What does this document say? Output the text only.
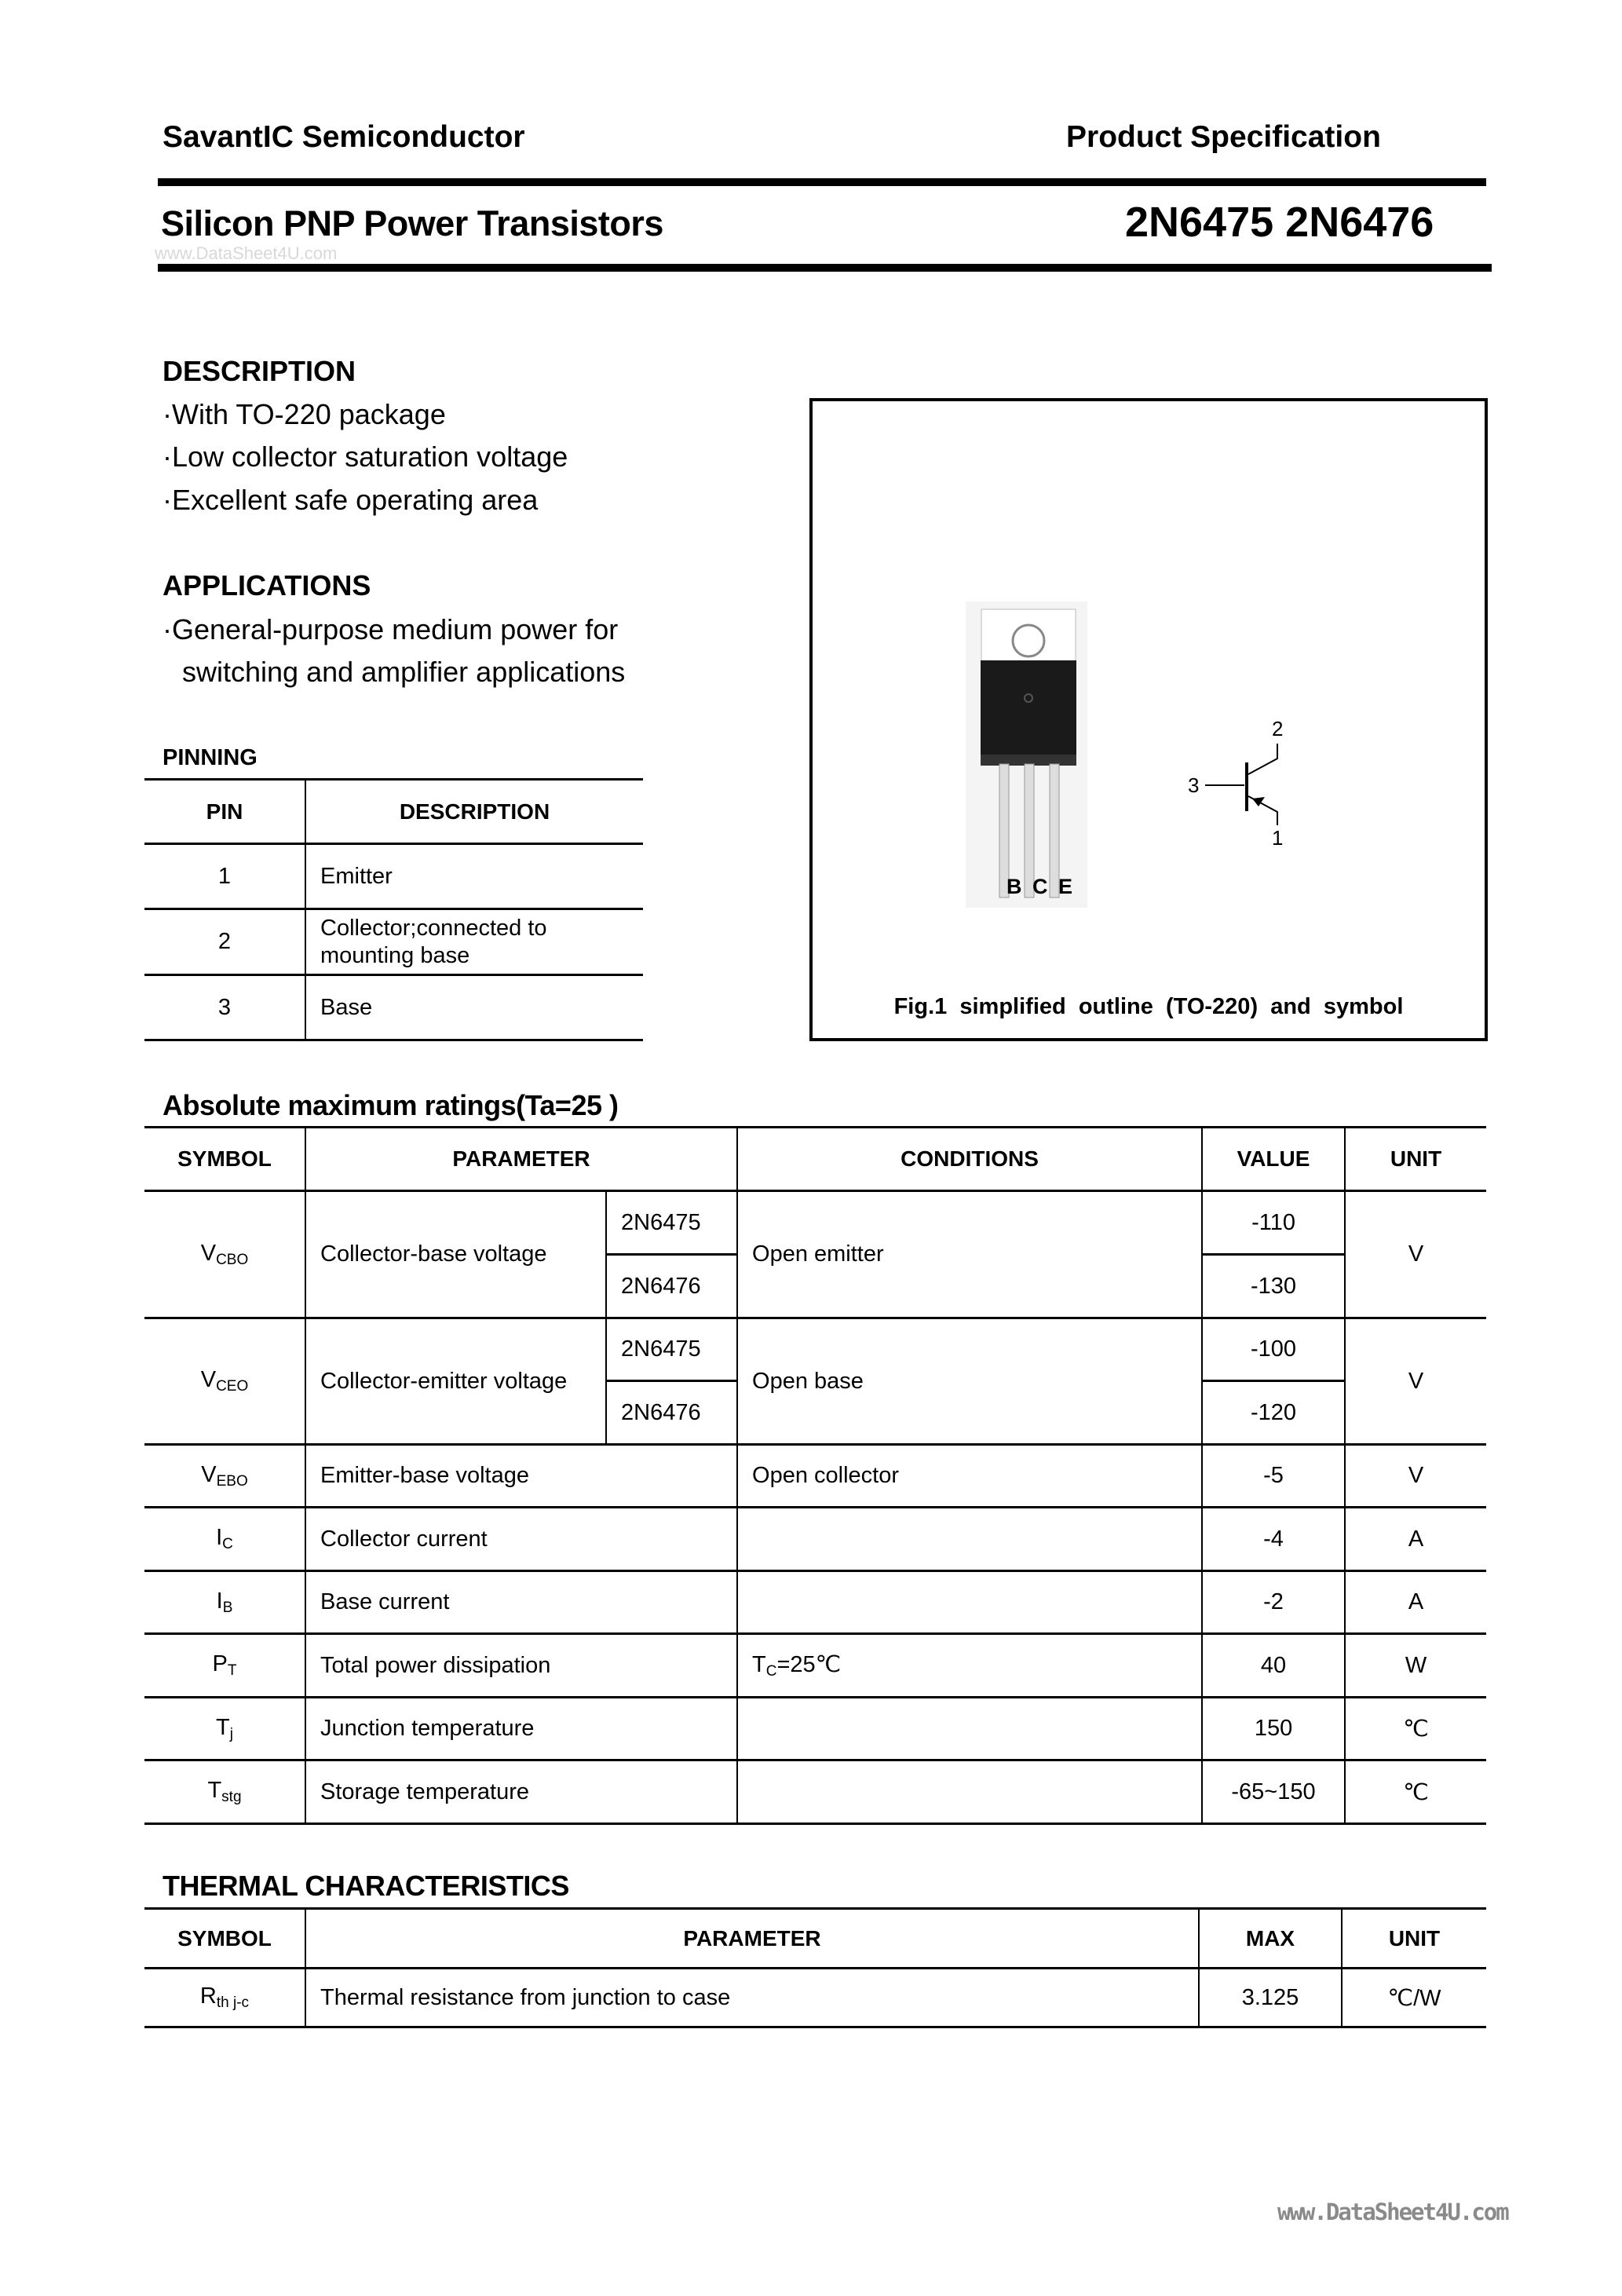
SavantIC Semiconductor	Product Specification
Silicon PNP Power Transistors	2N6475 2N6476
www.DataSheet4U.com
DESCRIPTION
·With TO-220 package
·Low collector saturation voltage
·Excellent safe operating area
APPLICATIONS
·General-purpose medium power for
switching and amplifier applications
PINNING
PIN	DESCRIPTION
1	Emitter
2	Collector;connected to mounting base
3	Base
B C E
2
3
1
Fig.1  simplified  outline  (TO-220)  and  symbol
Absolute maximum ratings(Ta=25 )
SYMBOL	PARAMETER		CONDITIONS	VALUE	UNIT
$V_{CBO}$	Collector-base voltage	2N6475	Open emitter	-110	V
		2N6476		-130	
$V_{CEO}$	Collector-emitter voltage	2N6475	Open base	-100	V
		2N6476		-120	
$V_{EBO}$	Emitter-base voltage		Open collector	-5	V
$I_C$	Collector current			-4	A
$I_B$	Base current			-2	A
$P_T$	Total power dissipation		$T_C=25℃$	40	W
$T_j$	Junction temperature			150	℃
$T_{stg}$	Storage temperature			-65~150	℃
THERMAL CHARACTERISTICS
SYMBOL	PARAMETER	MAX	UNIT
$R_{th j-c}$	Thermal resistance from junction to case	3.125	℃/W
www.DataSheet4U.com
